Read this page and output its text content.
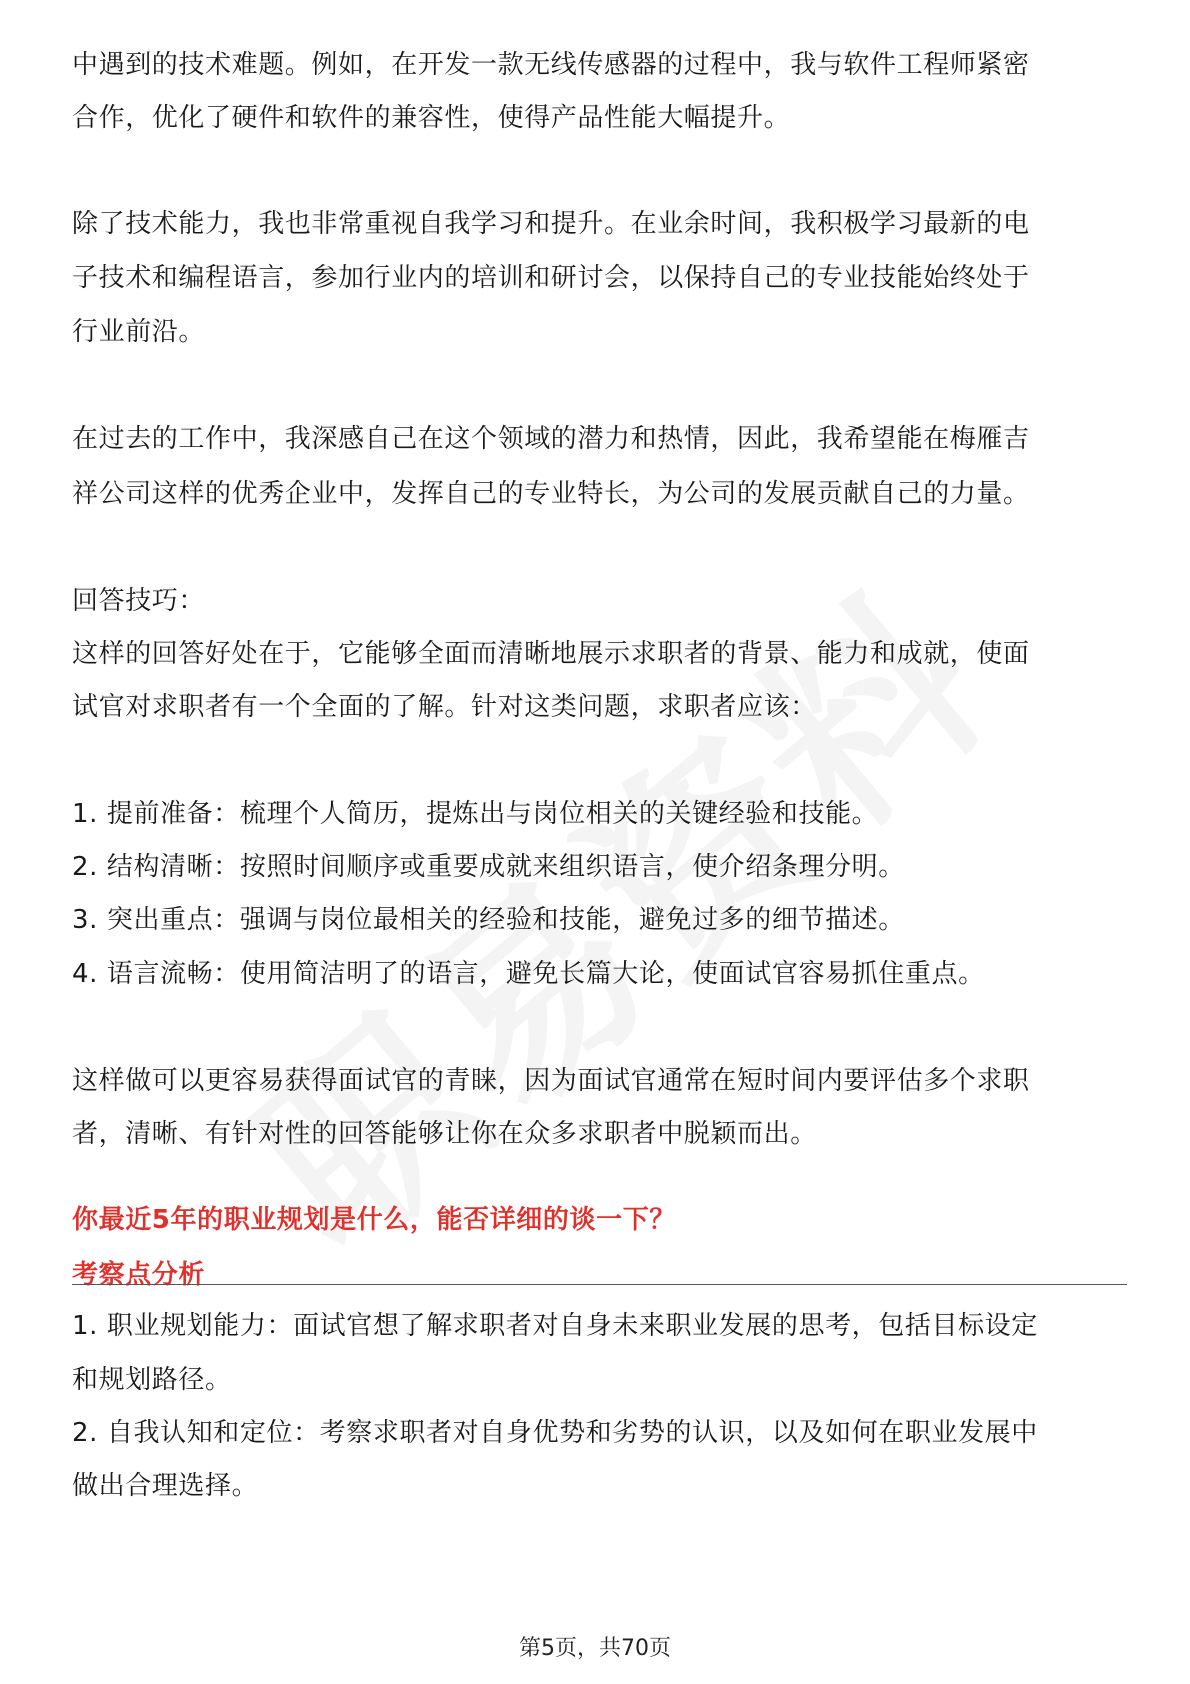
中遇到的技术难题。例如，在开发一款无线传感器的过程中，我与软件工程师紧密
合作，优化了硬件和软件的兼容性，使得产品性能大幅提升。
除了技术能力，我也非常重视自我学习和提升。在业余时间，我积极学习最新的电
子技术和编程语言，参加行业内的培训和研讨会，以保持自己的专业技能始终处于
行业前沿。
在过去的工作中，我深感自己在这个领域的潜力和热情，因此，我希望能在梅雁吉
祥公司这样的优秀企业中，发挥自己的专业特长，为公司的发展贡献自己的力量。
回答技巧：
这样的回答好处在于，它能够全面而清晰地展示求职者的背景、能力和成就，使面
试官对求职者有一个全面的了解。针对这类问题，求职者应该：
1. 提前准备：梳理个人简历，提炼出与岗位相关的关键经验和技能。
2. 结构清晰：按照时间顺序或重要成就来组织语言，使介绍条理分明。
3. 突出重点：强调与岗位最相关的经验和技能，避免过多的细节描述。
4. 语言流畅：使用简洁明了的语言，避免长篇大论，使面试官容易抓住重点。
这样做可以更容易获得面试官的青睐，因为面试官通常在短时间内要评估多个求职
者，清晰、有针对性的回答能够让你在众多求职者中脱颖而出。
你最近5年的职业规划是什么，能否详细的谈一下？
考察点分析
1. 职业规划能力：面试官想了解求职者对自身未来职业发展的思考，包括目标设定
和规划路径。
2. 自我认知和定位：考察求职者对自身优势和劣势的认识，以及如何在职业发展中
做出合理选择。
第5页，共70页
